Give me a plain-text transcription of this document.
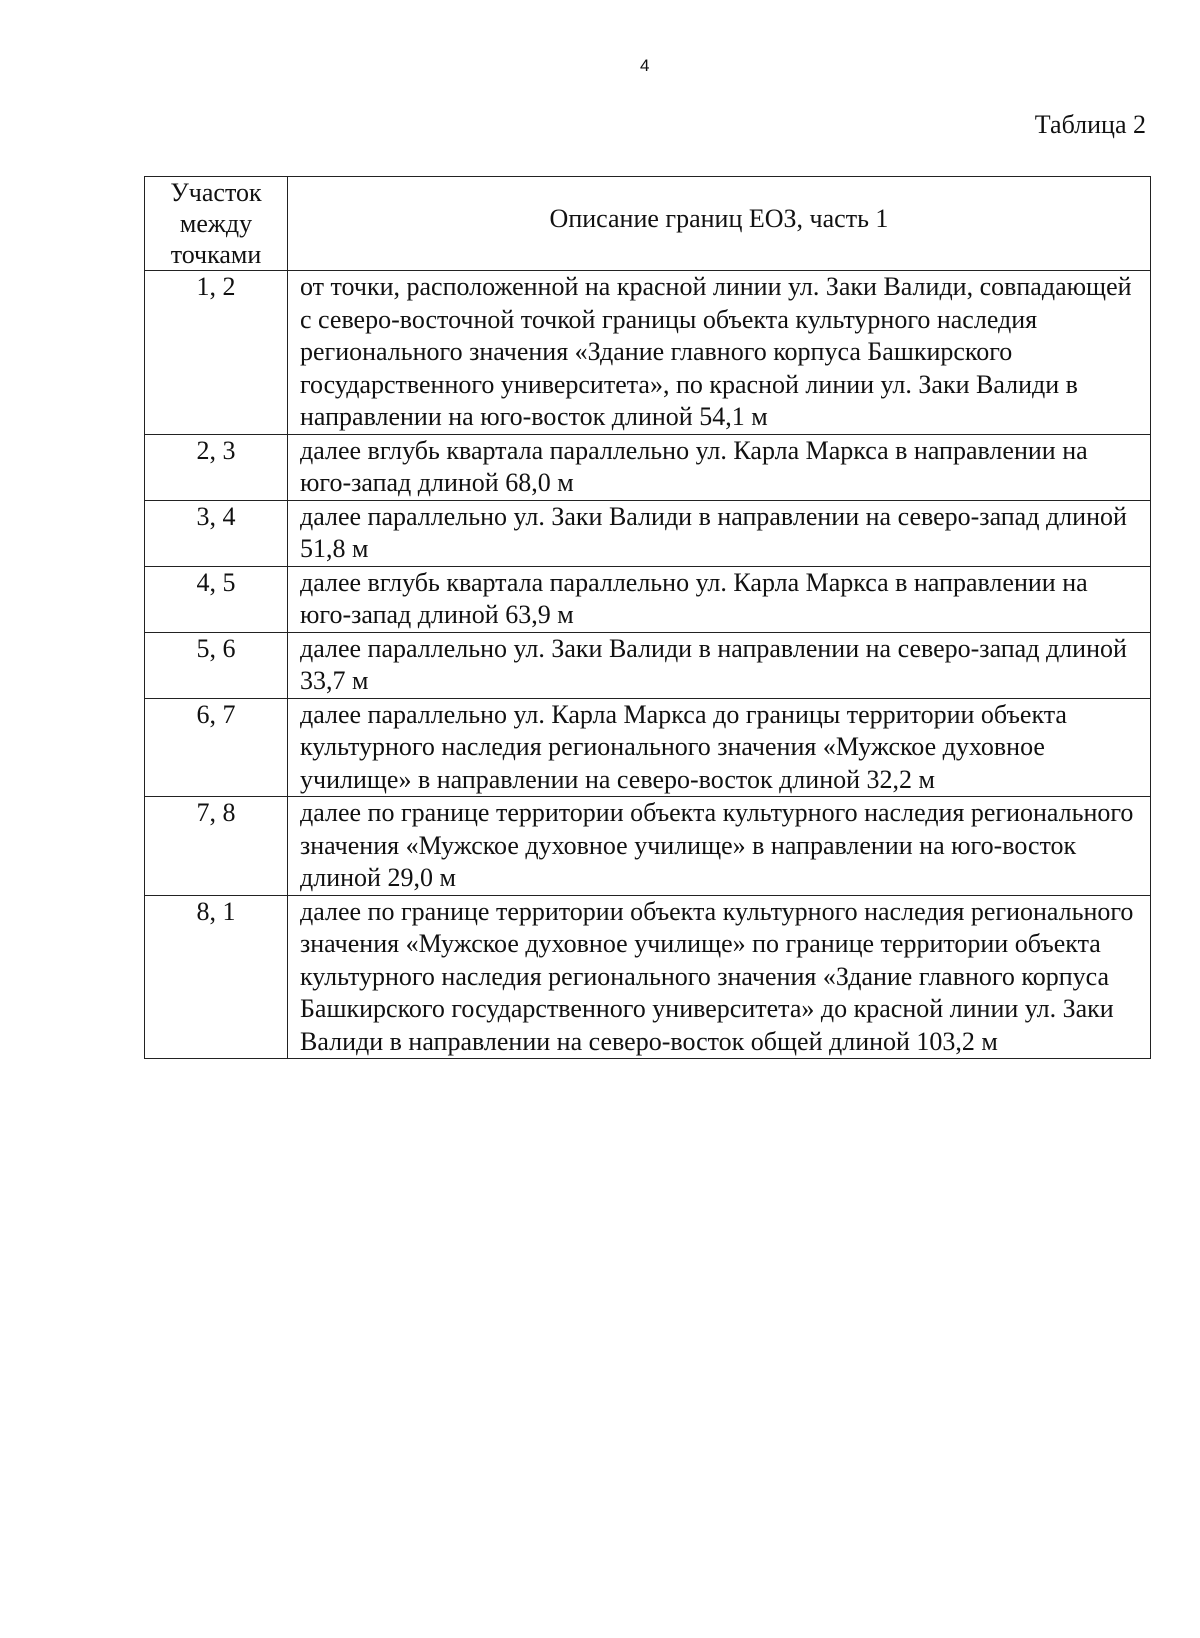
4
Таблица 2
Участок
между
точками	Описание границ ЕОЗ, часть 1
1, 2	от точки, расположенной на красной линии ул. Заки Валиди, совпадающей с северо-восточной точкой границы объекта культурного наследия регионального значения «Здание главного корпуса Башкирского государственного университета», по красной линии ул. Заки Валиди в направлении на юго-восток длиной 54,1 м
2, 3	далее вглубь квартала параллельно ул. Карла Маркса в направлении на юго-запад длиной 68,0 м
3, 4	далее параллельно ул. Заки Валиди в направлении на северо-запад длиной 51,8 м
4, 5	далее вглубь квартала параллельно ул. Карла Маркса в направлении на юго-запад длиной 63,9 м
5, 6	далее параллельно ул. Заки Валиди в направлении на северо-запад длиной 33,7 м
6, 7	далее параллельно ул. Карла Маркса до границы территории объекта культурного наследия регионального значения «Мужское духовное училище» в направлении на северо-восток длиной 32,2 м
7, 8	далее по границе территории объекта культурного наследия регионального значения «Мужское духовное училище» в направлении на юго-восток длиной 29,0 м
8, 1	далее по границе территории объекта культурного наследия регионального значения «Мужское духовное училище» по границе территории объекта культурного наследия регионального значения «Здание главного корпуса Башкирского государственного университета» до красной линии ул. Заки Валиди в направлении на северо-восток общей длиной 103,2 м
